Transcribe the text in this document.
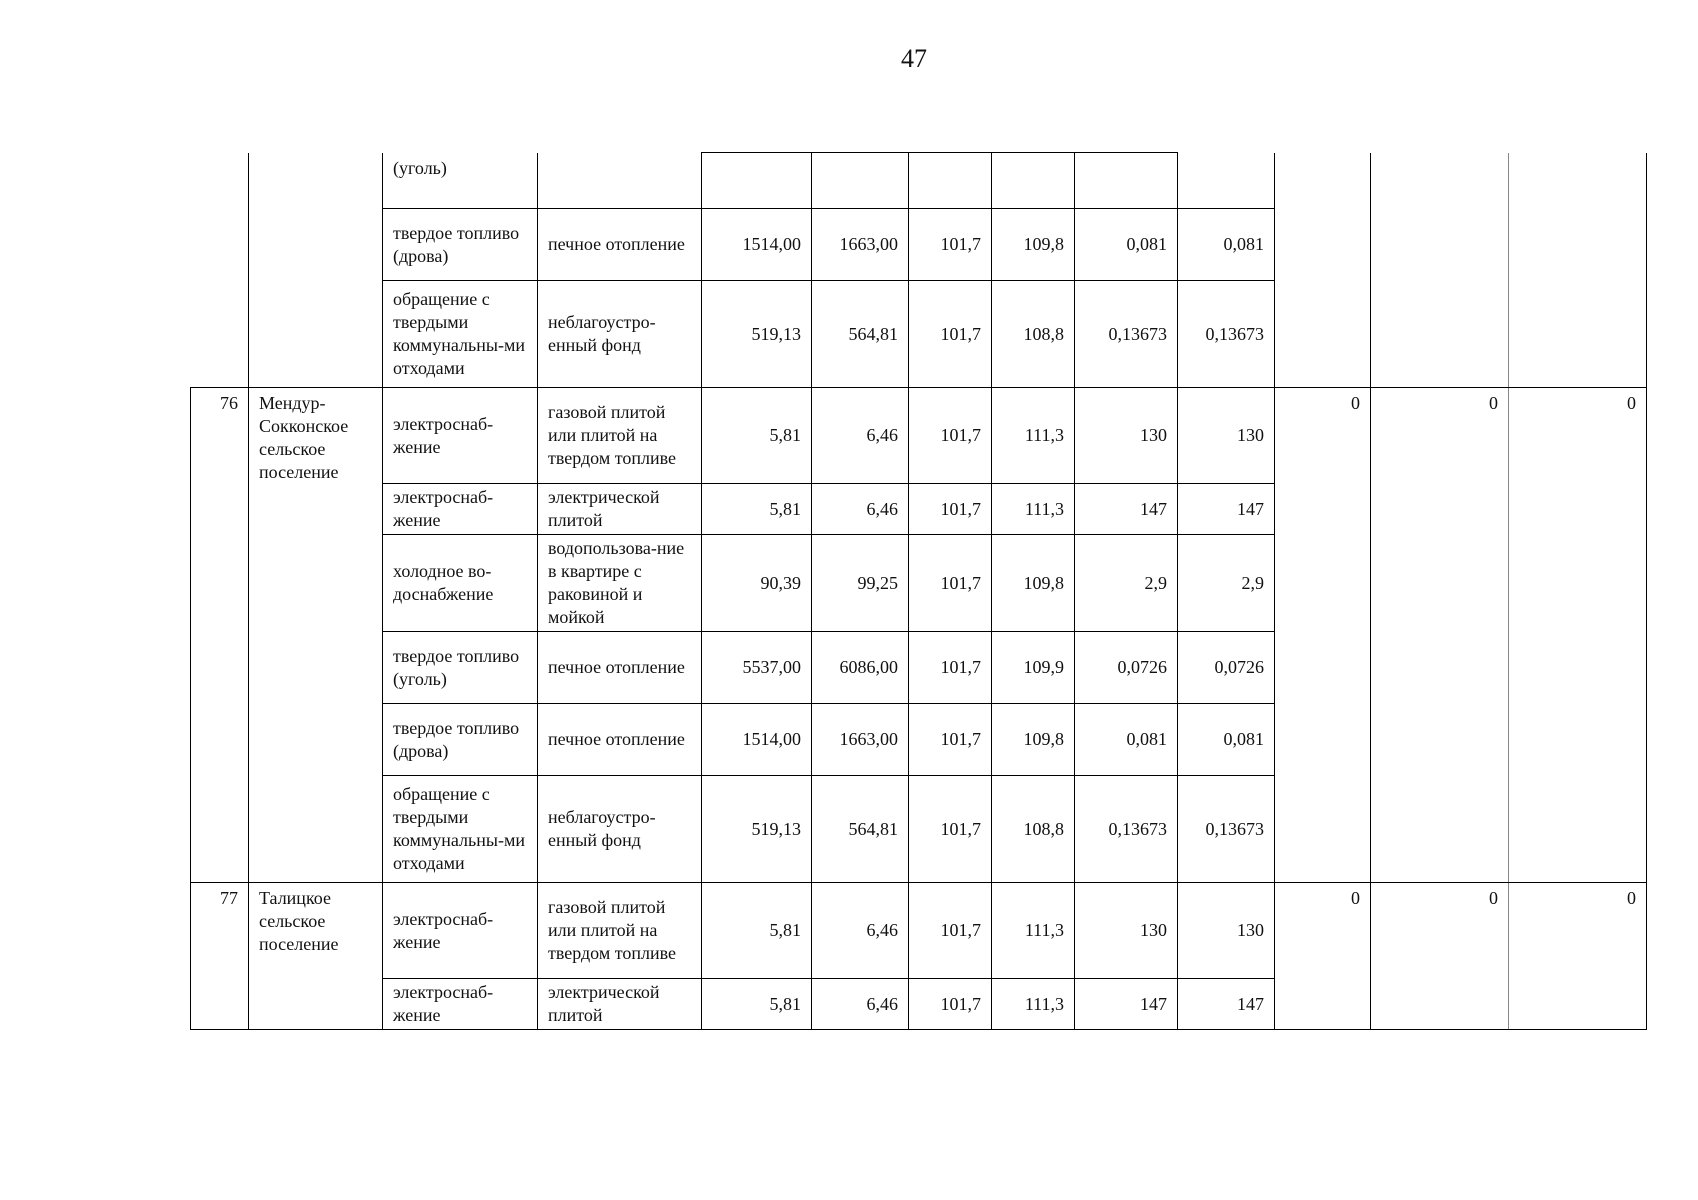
47
		(уголь)										
		твердое топливо (дрова)	печное отопление	1514,00	1663,00	101,7	109,8	0,081	0,081			
		обращение с твердыми коммунальны-ми отходами	неблагоустро-енный фонд	519,13	564,81	101,7	108,8	0,13673	0,13673			
76	Мендур-Сокконское сельское поселение	электроснаб-жение	газовой плитой или плитой на твердом топливе	5,81	6,46	101,7	111,3	130	130	0	0	0
		электроснаб-жение	электрической плитой	5,81	6,46	101,7	111,3	147	147			
		холодное во-доснабжение	водопользова-ние в квартире с раковиной и мойкой	90,39	99,25	101,7	109,8	2,9	2,9			
		твердое топливо (уголь)	печное отопление	5537,00	6086,00	101,7	109,9	0,0726	0,0726			
		твердое топливо (дрова)	печное отопление	1514,00	1663,00	101,7	109,8	0,081	0,081			
		обращение с твердыми коммунальны-ми отходами	неблагоустро-енный фонд	519,13	564,81	101,7	108,8	0,13673	0,13673			
77	Талицкое сельское поселение	электроснаб-жение	газовой плитой или плитой на твердом топливе	5,81	6,46	101,7	111,3	130	130	0	0	0
		электроснаб-жение	электрической плитой	5,81	6,46	101,7	111,3	147	147			
